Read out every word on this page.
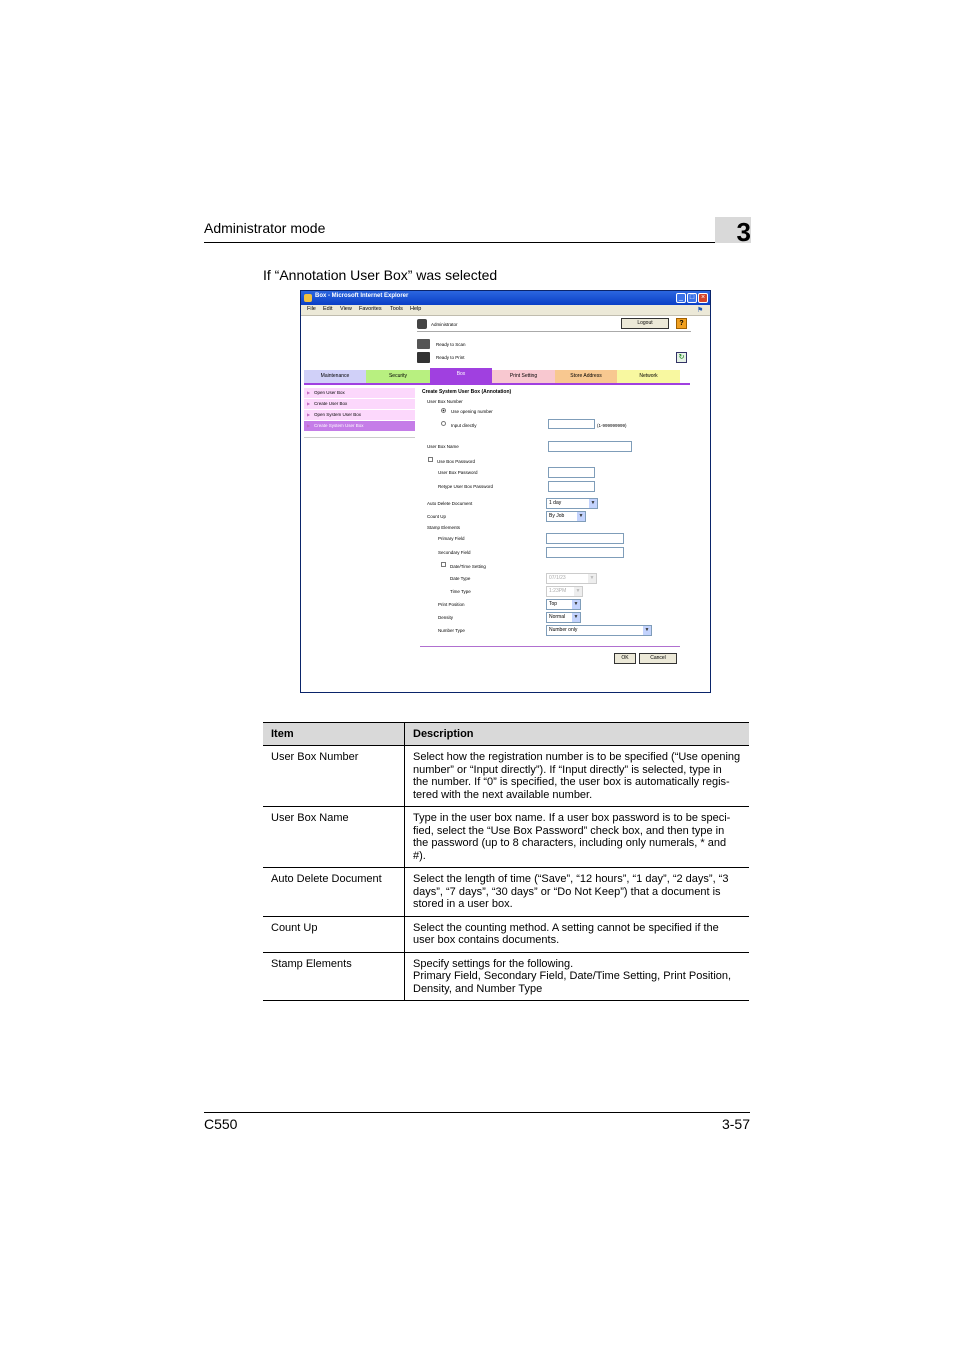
Administrator mode	3
If “Annotation User Box” was selected
Box - Microsoft Internet Explorer	_ □ ×
File Edit View Favorites Tools Help	⚑
Administrator	Logout	?
Ready to Scan
Ready to Print	↻
Maintenance	Security	Box	Print Setting	Store Address	Network
▶ Open User Box
▶ Create User Box
▶ Open System User Box
▶ Create System User Box
Create System User Box (Annotation)
User Box Number
Use opening number
Input directly	(1-999999999)
User Box Name
Use Box Password
User Box Password
Retype User Box Password
Auto Delete Document	1 day	▼
Count Up	By Job	▼
Stamp Elements
Primary Field
Secondary Field
Date/Time Setting
Date Type	07/1/23	▼
Time Type	1:23PM	▼
Print Position	Top	▼
Density	Normal	▼
Number Type	Number only	▼
OK	Cancel
Item	Description
User Box Number	Select how the registration number is to be specified (“Use opening
number” or “Input directly”). If “Input directly” is selected, type in
the number. If “0” is specified, the user box is automatically regis-
tered with the next available number.

User Box Name	Type in the user box name. If a user box password is to be speci-
fied, select the “Use Box Password” check box, and then type in
the password (up to 8 characters, including only numerals, * and #).

Auto Delete Document	Select the length of time (“Save”, “12 hours”, “1 day”, “2 days”, “3
days”, “7 days”, “30 days” or “Do Not Keep”) that a document is
stored in a user box.

Count Up	Select the counting method. A setting cannot be specified if the
user box contains documents.

Stamp Elements	Specify settings for the following.
Primary Field, Secondary Field, Date/Time Setting, Print Position,
Density, and Number Type
C550	3-57
